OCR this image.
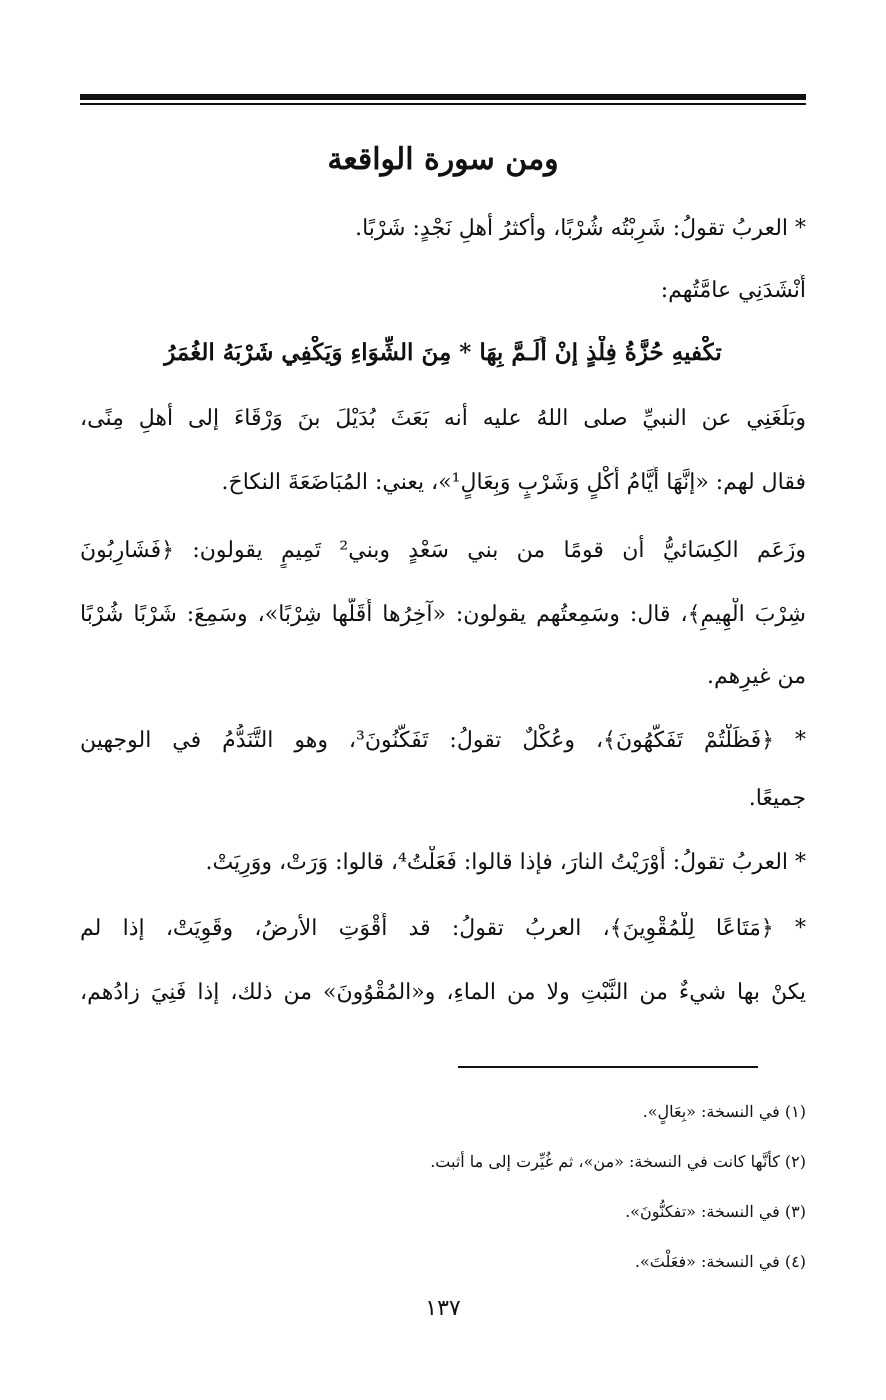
ومن سورة الواقعة
* العربُ تقولُ: شَرِبْتُه شُرْبًا، وأكثرُ أهلِ نَجْدٍ: شَرْبًا.
أَنْشَدَنِي عامَّتُهم:
تكْفيهِ حُزَّةُ فِلْذٍ إنْ أَلَـمَّ بِهَا * مِنَ الشِّوَاءِ وَيَكْفِي شَرْبَهُ الغُمَرُ
وبَلَغَنِي عن النبيِّ صلى اللهُ عليه أنه بَعَثَ بُدَيْلَ بنَ وَرْقَاءَ إلى أهلِ مِنًى،
فقال لهم: «إنَّهَا أَيَّامُ أَكْلٍ وَشَرْبٍ وَبِعَالٍ¹»، يعني: المُبَاضَعَةَ النكاحَ.
وزَعَم الكِسَائيُّ أن قومًا من بني سَعْدٍ وبني² تَمِيمٍ يقولون: ﴿فَشَارِبُونَ
شِرْبَ الْهِيمِ﴾، قال: وسَمِعتُهم يقولون: «آخِرُها أَقَلُّها شِرْبًا»، وسَمِعَ: شَرْبًا شُرْبًا
من غيرِهم.
* ﴿فَظَلْتُمْ تَفَكَّهُونَ﴾، وعُكْلٌ تقولُ: تَفَكَّنُونَ³، وهو التَّنَدُّمُ في الوجهين
جميعًا.
* العربُ تقولُ: أَوْرَيْتُ النارَ، فإذا قالوا: فَعَلْتُ⁴، قالوا: وَرَتْ، ووَرِيَتْ.
* ﴿مَتَاعًا لِلْمُقْوِينَ﴾، العربُ تقولُ: قد أَقْوَتِ الأرضُ، وقَوِيَتْ، إذا لم
يكنْ بها شيءٌ من النَّبْتِ ولا من الماءِ، و«المُقْوُونَ» من ذلك، إذا فَنِيَ زادُهم،
(١) في النسخة: «بِعَالٍ».
(٢) كأنَّها كانت في النسخة: «من»، ثم غُيِّرت إلى ما أثبت.
(٣) في النسخة: «تفكنُّونَ».
(٤) في النسخة: «فعَلْتَ».
١٣٧
